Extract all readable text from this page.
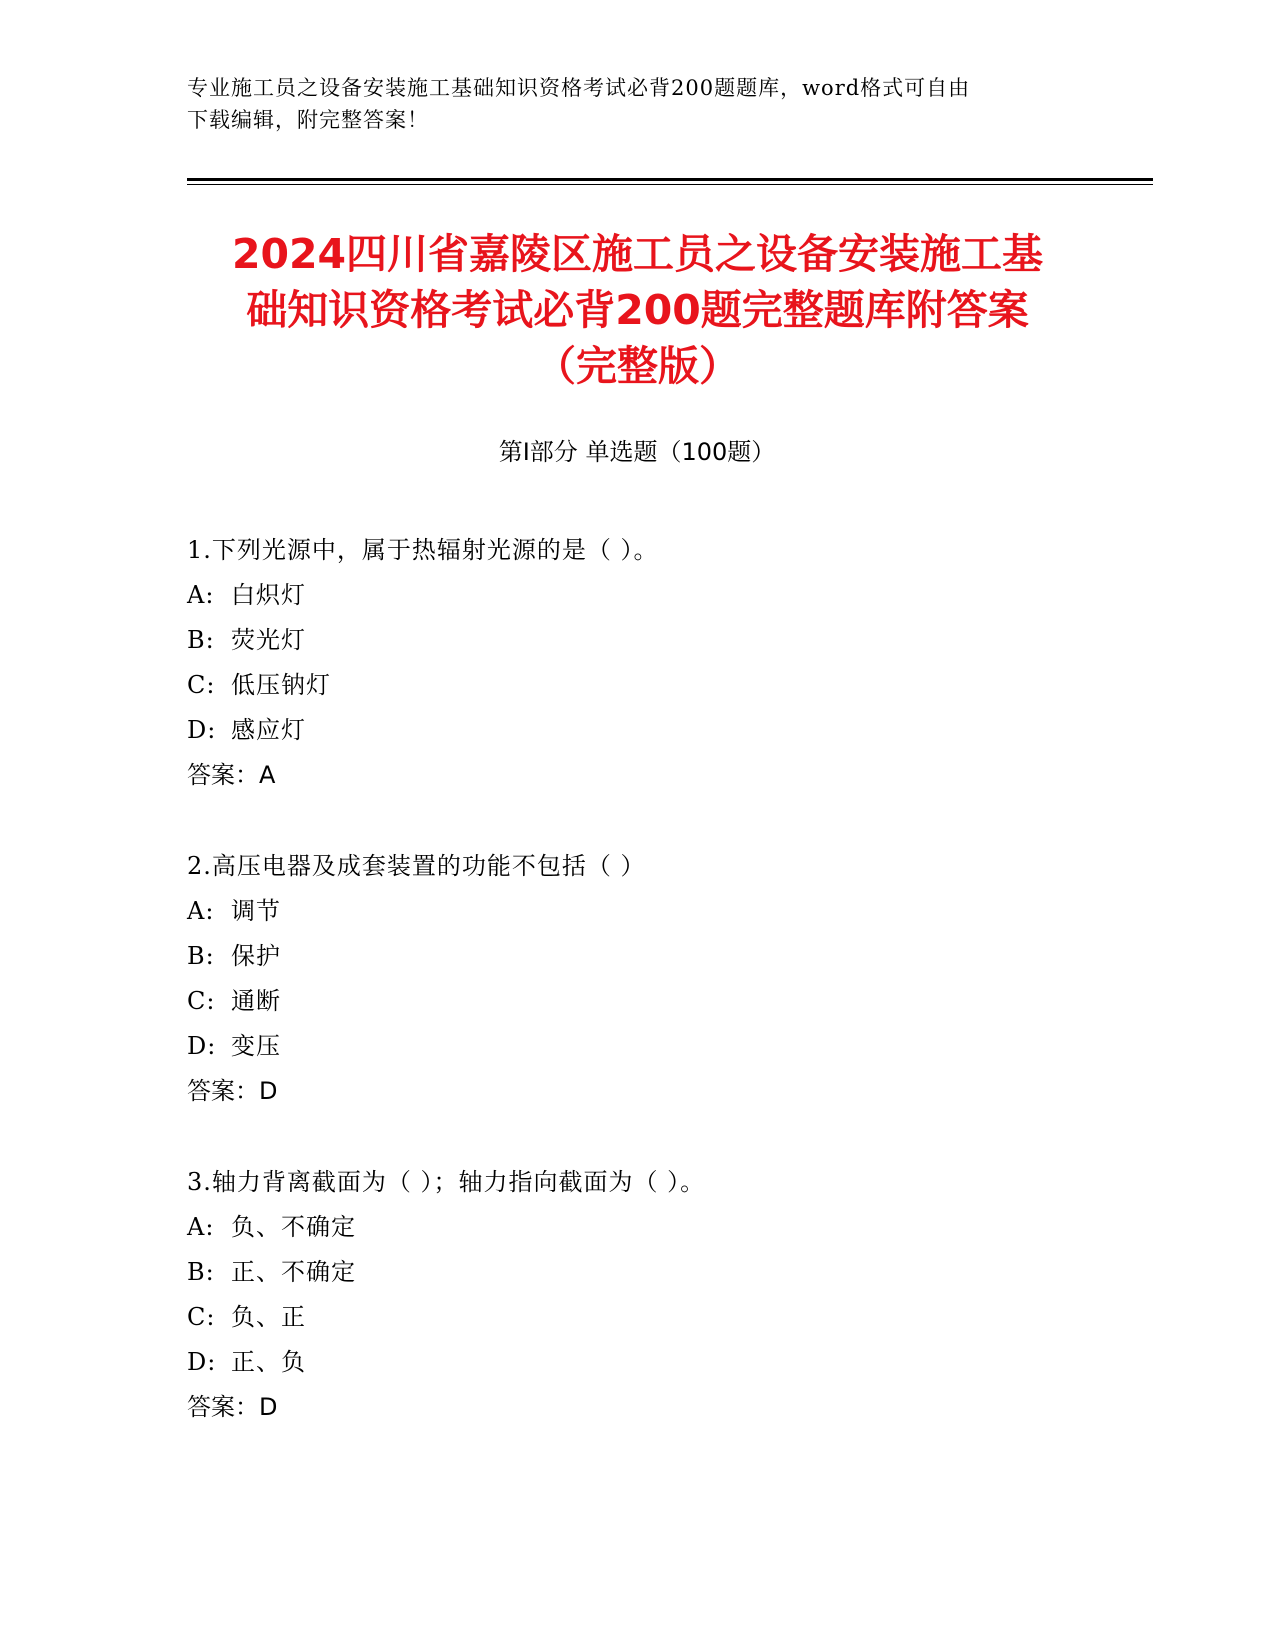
专业施工员之设备安装施工基础知识资格考试必背200题题库，word格式可自由
下载编辑，附完整答案！
2024四川省嘉陵区施工员之设备安装施工基
础知识资格考试必背200题完整题库附答案
（完整版）
第Ⅰ部分 单选题（100题）
1.下列光源中，属于热辐射光源的是（ ）。
A: 白炽灯
B: 荧光灯
C: 低压钠灯
D: 感应灯
答案：A
2.高压电器及成套装置的功能不包括（ ）
A: 调节
B: 保护
C: 通断
D: 变压
答案：D
3.轴力背离截面为（ ）；轴力指向截面为（ ）。
A: 负、不确定
B: 正、不确定
C: 负、正
D: 正、负
答案：D
